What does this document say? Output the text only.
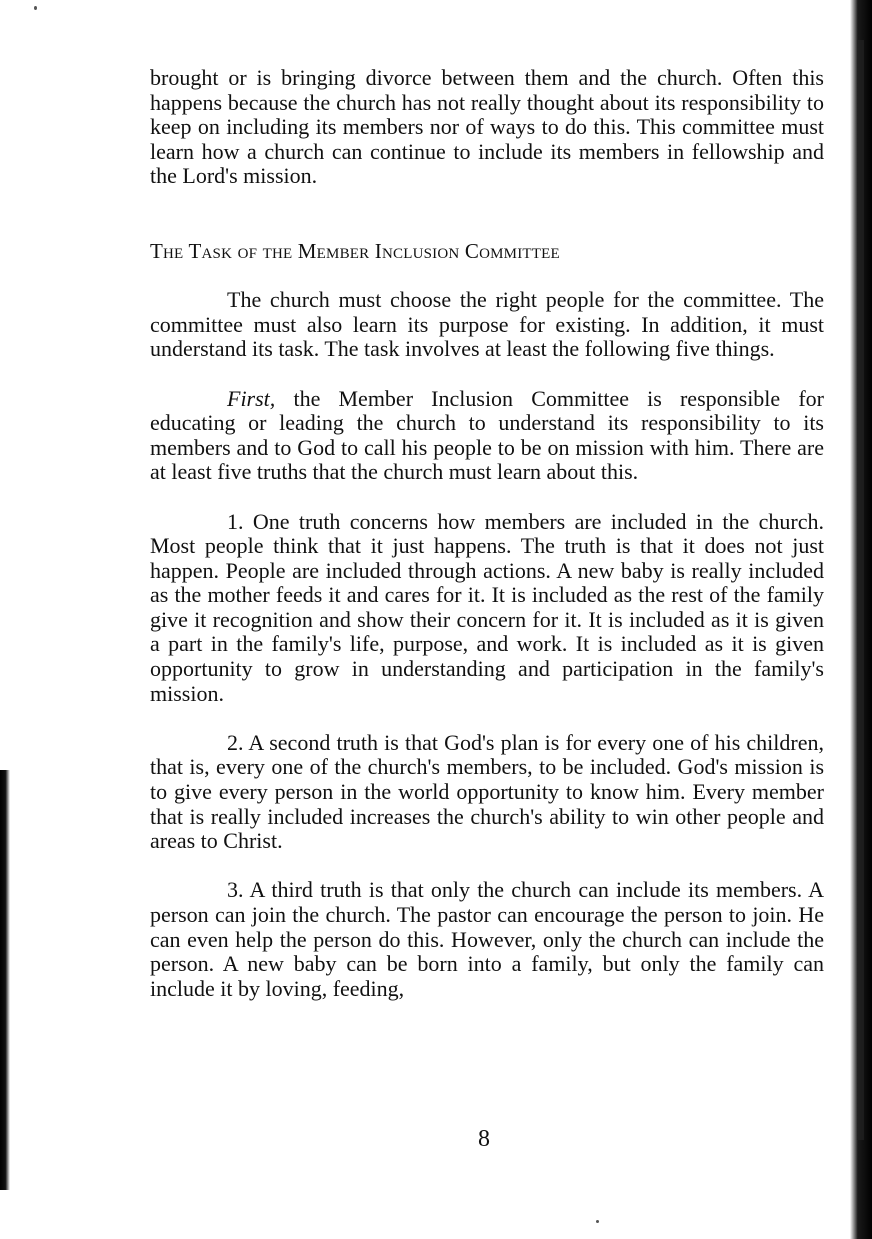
brought or is bringing divorce between them and the church. Often this happens because the church has not really thought about its responsibility to keep on including its members nor of ways to do this. This committee must learn how a church can continue to include its members in fellowship and the Lord's mission.

The Task of the Member Inclusion Committee

The church must choose the right people for the committee. The committee must also learn its purpose for existing. In addition, it must understand its task. The task involves at least the following five things.

First, the Member Inclusion Committee is responsible for educating or leading the church to understand its responsibility to its members and to God to call his people to be on mission with him. There are at least five truths that the church must learn about this.

1. One truth concerns how members are included in the church. Most people think that it just happens. The truth is that it does not just happen. People are included through actions. A new baby is really included as the mother feeds it and cares for it. It is included as the rest of the family give it recognition and show their concern for it. It is included as it is given a part in the family's life, purpose, and work. It is included as it is given opportunity to grow in understanding and participation in the family's mission.

2. A second truth is that God's plan is for every one of his children, that is, every one of the church's members, to be included. God's mission is to give every person in the world opportunity to know him. Every member that is really included increases the church's ability to win other people and areas to Christ.

3. A third truth is that only the church can include its members. A person can join the church. The pastor can encourage the person to join. He can even help the person do this. However, only the church can include the person. A new baby can be born into a family, but only the family can include it by loving, feeding,

8
